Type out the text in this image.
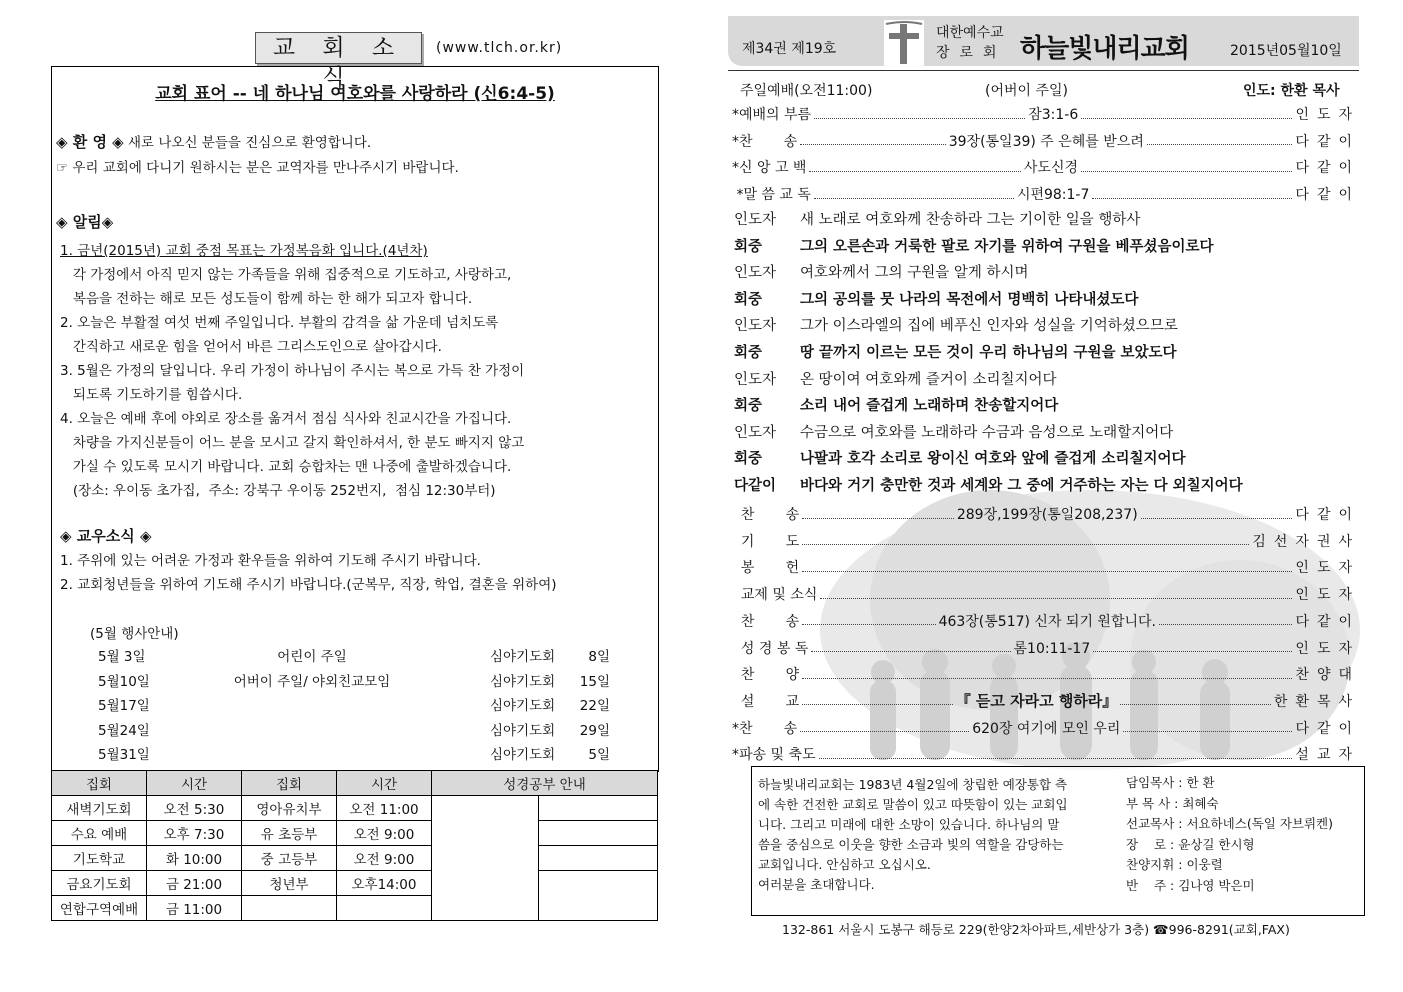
교 회 소 식
(www.tlch.or.kr)
교회 표어 -- 네 하나님 여호와를 사랑하라 (신6:4-5)
◈ 환 영 ◈ 새로 나오신 분들을 진심으로 환영합니다.
☞ 우리 교회에 다니기 원하시는 분은 교역자를 만나주시기 바랍니다.
◈ 알림◈
1. 금년(2015년) 교회 중점 목표는 가정복음화 입니다.(4년차)
각 가정에서 아직 믿지 않는 가족들을 위해 집중적으로 기도하고, 사랑하고,
복음을 전하는 해로 모든 성도들이 함께 하는 한 해가 되고자 합니다.
2. 오늘은 부활절 여섯 번째 주일입니다. 부활의 감격을 삶 가운데 넘치도록
간직하고 새로운 힘을 얻어서 바른 그리스도인으로 살아갑시다.
3. 5월은 가정의 달입니다. 우리 가정이 하나님이 주시는 복으로 가득 찬 가정이
되도록 기도하기를 힘씁시다.
4. 오늘은 예배 후에 야외로 장소를 옮겨서 점심 식사와 친교시간을 가집니다.
차량을 가지신분들이 어느 분을 모시고 갈지 확인하셔서, 한 분도 빠지지 않고
가실 수 있도록 모시기 바랍니다. 교회 승합차는 맨 나중에 출발하겠습니다.
(장소: 우이동 초가집,  주소: 강북구 우이동 252번지,  점심 12:30부터)
◈ 교우소식 ◈
1. 주위에 있는 어려운 가정과 환우들을 위하여 기도해 주시기 바랍니다.
2. 교회청년들을 위하여 기도해 주시기 바랍니다.(군복무, 직장, 학업, 결혼을 위하여)
(5월 행사안내)
5월 3일	어린이 주일	심야기도회	8일
5월10일	어버이 주일/ 야외친교모임	심야기도회	15일
5월17일	심야기도회	22일
5월24일	심야기도회	29일
5월31일	심야기도회	5일
집회	시간	집회	시간	성경공부 안내	
새벽기도회	오전 5:30	영아유치부	오전 11:00		
수요 예배	오후 7:30	유 초등부	오전 9:00		
기도학교	화 10:00	중 고등부	오전 9:00		
금요기도회	금 21:00	청년부	오후14:00		
연합구역예배	금 11:00				
제34권 제19호
대한예수교
장로회 하늘빛내리교회	2015년05월10일
주일예배(오전11:00)	(어버이 주일)	인도: 한환 목사
*예배의 부름	잠3:1-6	인도자
*찬       송	39장(통일39) 주 은혜를 받으려	다같이
*신 앙 고 백	사도신경	다같이
*말 씀 교 독	시편98:1-7	다같이
인도자 새 노래로 여호와께 찬송하라 그는 기이한 일을 행하사
회중	그의 오른손과 거룩한 팔로 자기를 위하여 구원을 베푸셨음이로다
인도자 여호와께서 그의 구원을 알게 하시며
회중	그의 공의를 뭇 나라의 목전에서 명백히 나타내셨도다
인도자 그가 이스라엘의 집에 베푸신 인자와 성실을 기억하셨으므로
회중	땅 끝까지 이르는 모든 것이 우리 하나님의 구원을 보았도다
인도자 온 땅이여 여호와께 즐거이 소리칠지어다
회중	소리 내어 즐겁게 노래하며 찬송할지어다
인도자 수금으로 여호와를 노래하라 수금과 음성으로 노래할지어다
회중	나팔과 호각 소리로 왕이신 여호와 앞에 즐겁게 소리칠지어다
다같이 바다와 거기 충만한 것과 세계와 그 중에 거주하는 자는 다 외칠지어다
찬       송	289장,199장(통일208,237)	다같이
기       도	김선자권사
봉       헌	인도자
교제 및 소식	인도자
찬       송	463장(통517) 신자 되기 원합니다.	다같이
성 경 봉 독	롬10:11-17	인도자
찬       양	찬양대
설       교	『 듣고 자라고 행하라』	한환목사
*찬       송	620장 여기에 모인 우리	다같이
*파송 및 축도	설교자
하늘빛내리교회는 1983년 4월2일에 창립한 예장통합 측
에 속한 건전한 교회로 말씀이 있고 따뜻함이 있는 교회입
니다. 그리고 미래에 대한 소망이 있습니다. 하나님의 말
씀을 중심으로 이웃을 향한 소금과 빛의 역할을 감당하는
교회입니다. 안심하고 오십시오.
여러분을 초대합니다.
담임목사 : 한 환
부 목 사 : 최혜숙
선교목사 : 서요하네스(독일 자브뤼켄)
장    로 : 윤상길 한시형
찬양지휘 : 이웅렬
반    주 : 김나영 박은미
132-861 서울시 도봉구 해등로 229(한양2차아파트,세반상가 3층) ☎996-8291(교회,FAX)
